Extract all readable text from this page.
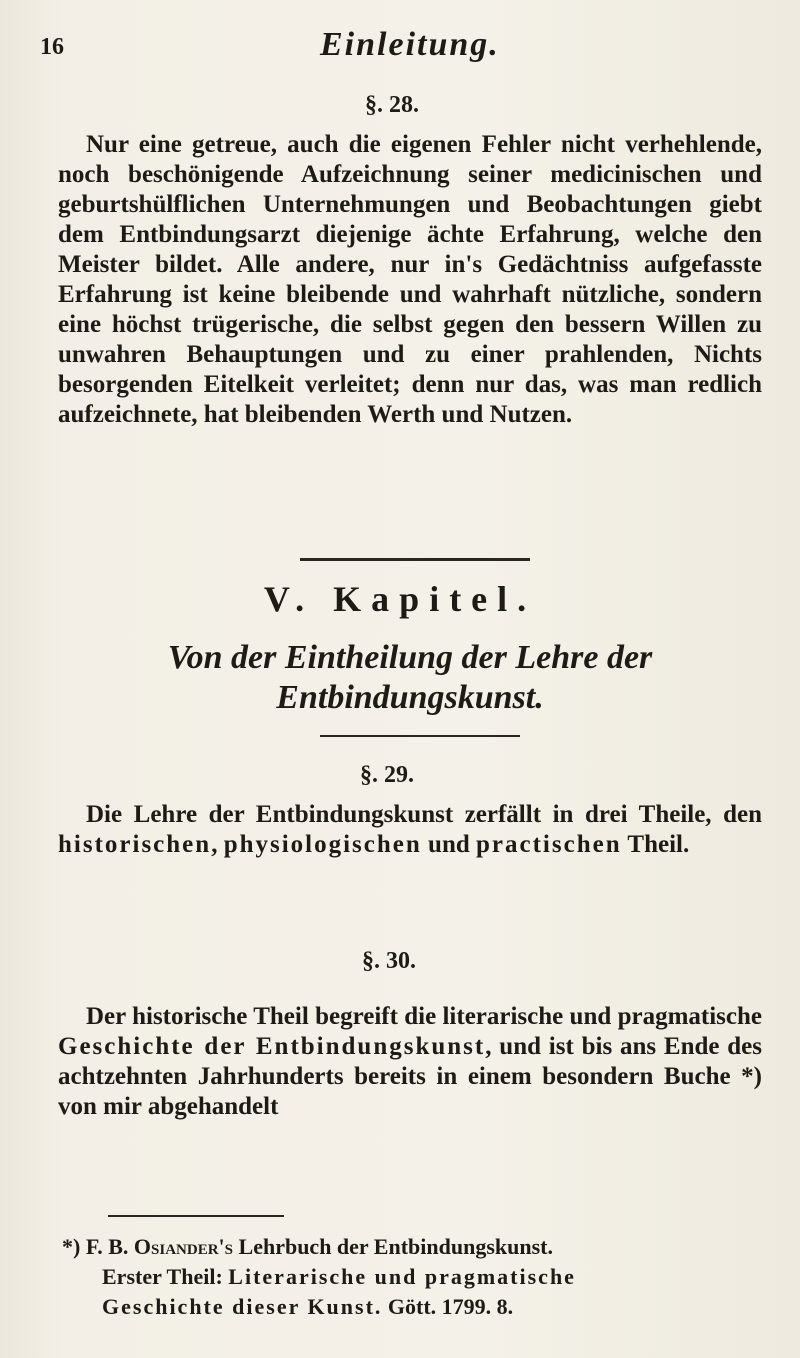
16	Einleitung.
§. 28.
Nur eine getreue, auch die eigenen Fehler nicht verhehlende, noch beschönigende Aufzeichnung seiner medicinischen und geburtshülflichen Unternehmungen und Beobachtungen giebt dem Entbindungsarzt diejenige ächte Erfahrung, welche den Meister bildet. Alle andere, nur in's Gedächtniss aufgefasste Erfahrung ist keine bleibende und wahrhaft nützliche, sondern eine höchst trügerische, die selbst gegen den bessern Willen zu unwahren Behauptungen und zu einer prahlenden, Nichts besorgenden Eitelkeit verleitet; denn nur das, was man redlich aufzeichnete, hat bleibenden Werth und Nutzen.
V. Kapitel.
Von der Eintheilung der Lehre der Entbindungskunst.
§. 29.
Die Lehre der Entbindungskunst zerfällt in drei Theile, den historischen, physiologischen und practischen Theil.
§. 30.
Der historische Theil begreift die literarische und pragmatische Geschichte der Entbindungskunst, und ist bis ans Ende des achtzehnten Jahrhunderts bereits in einem besondern Buche *) von mir abgehandelt
*) F. B. Osiander's Lehrbuch der Entbindungskunst.
Erster Theil: Literarische und pragmatische
Geschichte dieser Kunst. Gött. 1799. 8.
